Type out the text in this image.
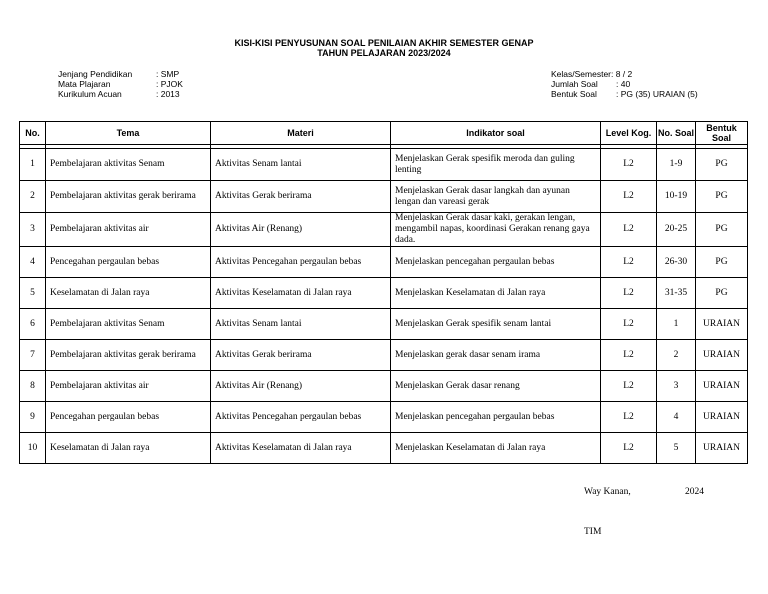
KISI-KISI PENYUSUNAN SOAL PENILAIAN AKHIR SEMESTER GENAP
TAHUN PELAJARAN 2023/2024
Jenjang Pendidikan	: SMP
Mata Plajaran	: PJOK
Kurikulum Acuan	: 2013
Kelas/Semester : 8 / 2
Jumlah Soal	: 40
Bentuk Soal	: PG (35) URAIAN (5)
No.	Tema	Materi	Indikator soal	Level Kog.	No. Soal	Bentuk Soal

1	Pembelajaran aktivitas Senam	Aktivitas Senam lantai	Menjelaskan Gerak spesifik meroda dan guling lenting	L2	1-9	PG
2	Pembelajaran aktivitas gerak berirama	Aktivitas Gerak berirama	Menjelaskan Gerak dasar langkah dan ayunan lengan dan vareasi gerak	L2	10-19	PG
3	Pembelajaran aktivitas air	Aktivitas Air (Renang)	Menjelaskan Gerak dasar kaki, gerakan lengan, mengambil napas, koordinasi Gerakan renang gaya dada.	L2	20-25	PG
4	Pencegahan pergaulan bebas	Aktivitas Pencegahan pergaulan bebas	Menjelaskan pencegahan pergaulan bebas	L2	26-30	PG
5	Keselamatan di Jalan raya	Aktivitas Keselamatan di Jalan raya	Menjelaskan Keselamatan di Jalan raya	L2	31-35	PG
6	Pembelajaran aktivitas Senam	Aktivitas Senam lantai	Menjelaskan Gerak spesifik senam lantai	L2	1	URAIAN
7	Pembelajaran aktivitas gerak berirama	Aktivitas Gerak berirama	Menjelaskan gerak dasar senam irama	L2	2	URAIAN
8	Pembelajaran aktivitas air	Aktivitas Air (Renang)	Menjelaskan Gerak dasar renang	L2	3	URAIAN
9	Pencegahan pergaulan bebas	Aktivitas Pencegahan pergaulan bebas	Menjelaskan pencegahan pergaulan bebas	L2	4	URAIAN
10	Keselamatan di Jalan raya	Aktivitas Keselamatan di Jalan raya	Menjelaskan Keselamatan di Jalan raya	L2	5	URAIAN
Way Kanan,	2024
TIM
